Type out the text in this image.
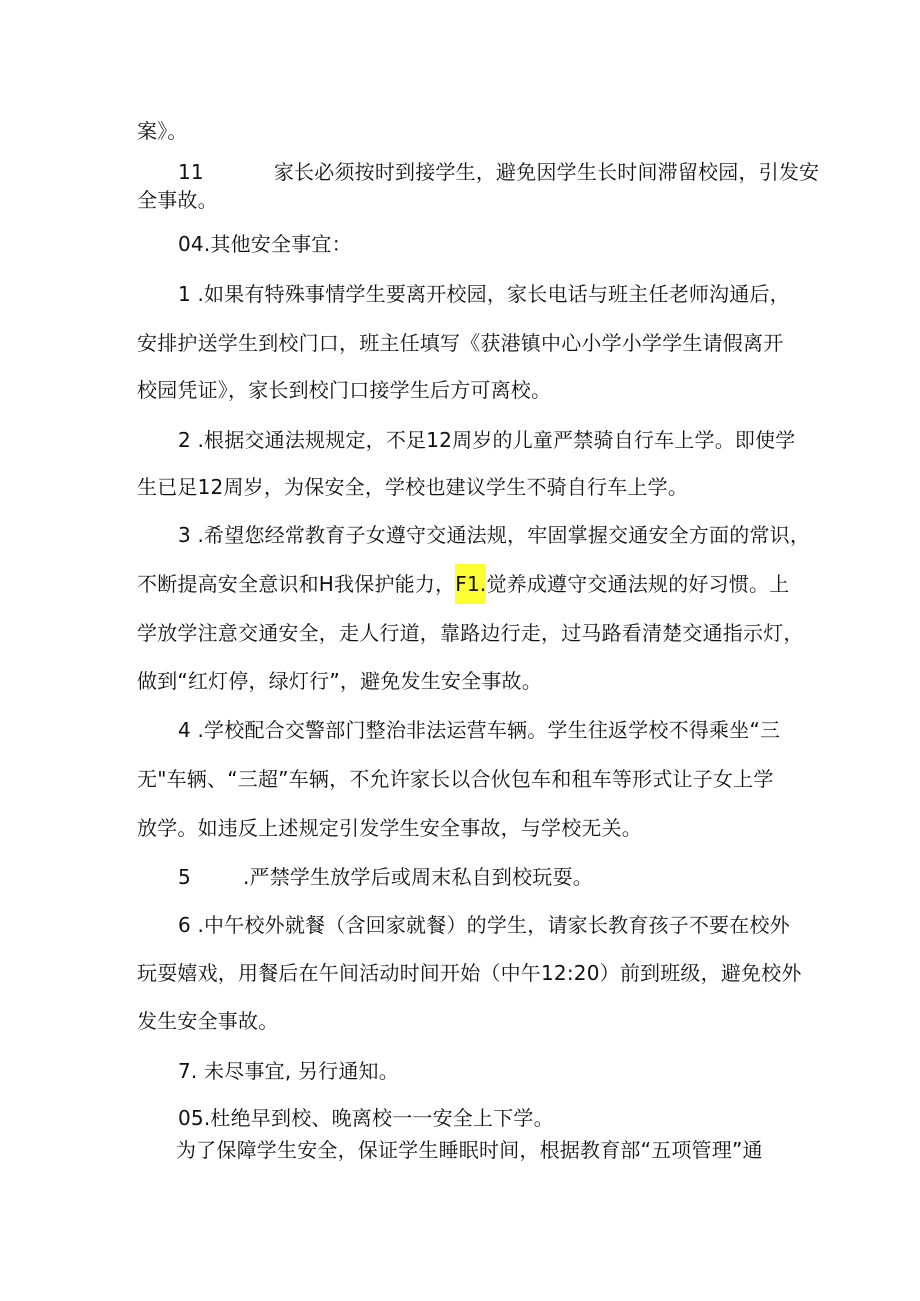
案》。
11	家长必须按时到接学生，避免因学生长时间滞留校园，引发安
全事故。
04.其他安全事宜：
1 .如果有特殊事情学生要离开校园，家长电话与班主任老师沟通后，
安排护送学生到校门口，班主任填写《获港镇中心小学小学学生请假离开
校园凭证》，家长到校门口接学生后方可离校。
2 .根据交通法规规定，不足12周岁的儿童严禁骑自行车上学。即使学
生已足12周岁，为保安全，学校也建议学生不骑自行车上学。
3 .希望您经常教育子女遵守交通法规，牢固掌握交通安全方面的常识，
不断提高安全意识和H我保护能力，F1.觉养成遵守交通法规的好习惯。上
学放学注意交通安全，走人行道，靠路边行走，过马路看清楚交通指示灯，
做到“红灯停，绿灯行”，避免发生安全事故。
4 .学校配合交警部门整治非法运营车辆。学生往返学校不得乘坐“三
无"车辆、“三超”车辆，不允许家长以合伙包车和租车等形式让子女上学
放学。如违反上述规定引发学生安全事故，与学校无关。
5	.严禁学生放学后或周末私自到校玩耍。
6 .中午校外就餐（含回家就餐）的学生，请家长教育孩子不要在校外
玩耍嬉戏，用餐后在午间活动时间开始（中午12:20）前到班级，避免校外
发生安全事故。
7. 未尽事宜, 另行通知。
05.杜绝早到校、晚离校一一安全上下学。
为了保障学生安全，保证学生睡眠时间，根据教育部“五项管理”通
